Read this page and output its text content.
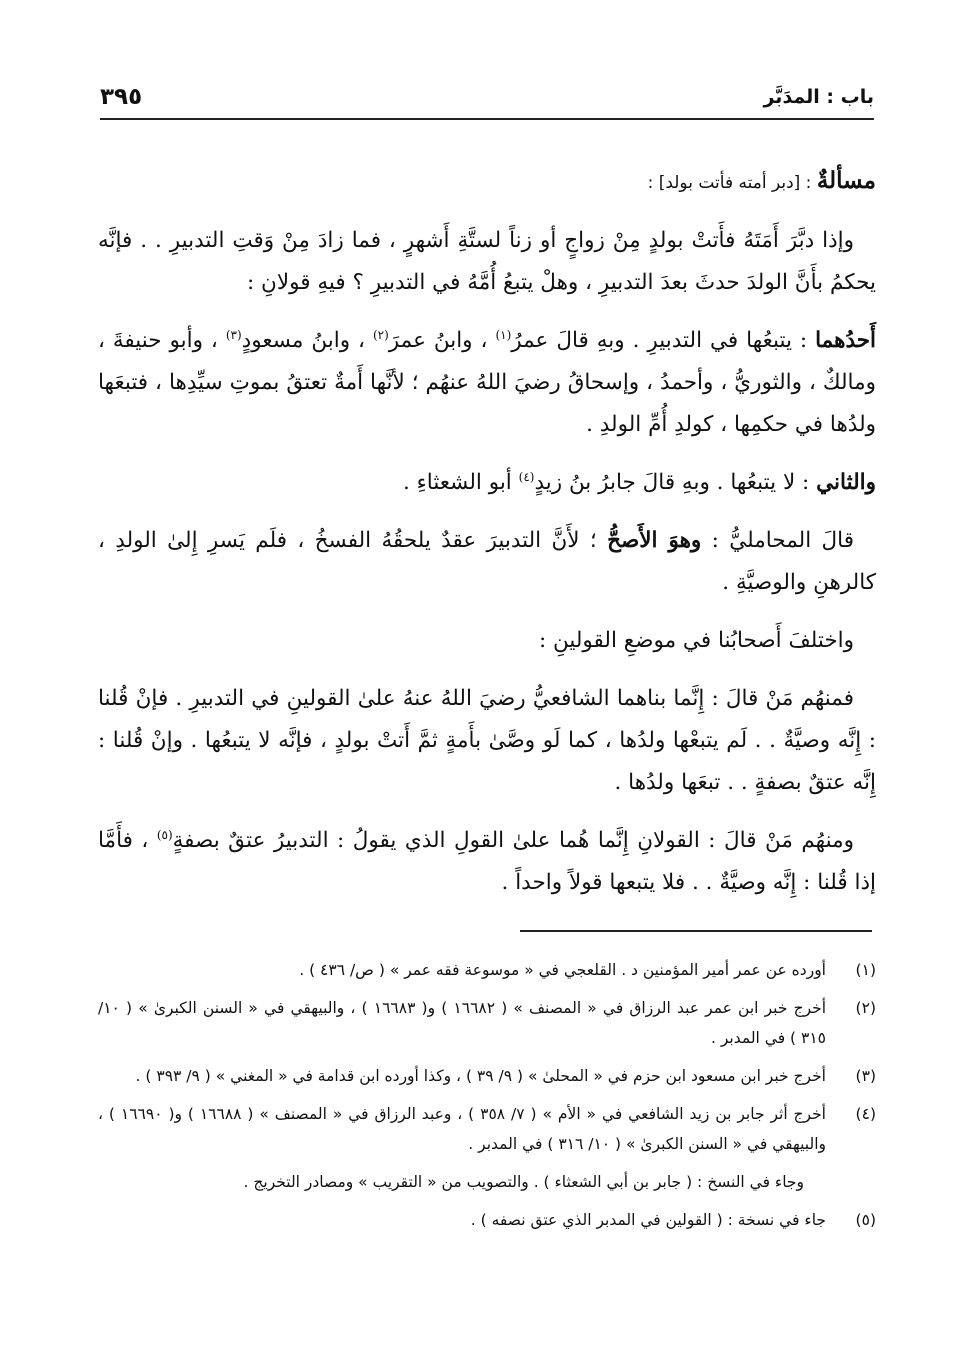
باب : المدَبَّر
٣٩٥

مسألةٌ : [دبر أمته فأتت بولد] :

وإذا دبَّرَ أَمَتَهُ فأَتتْ بولدٍ مِنْ زواجٍ أو زناً لستَّةِ أَشهرٍ ، فما زادَ مِنْ وَقتِ التدبيرِ . . فإنَّه يحكمُ بأَنَّ الولدَ حدثَ بعدَ التدبيرِ ، وهلْ يتبعُ أُمَّهُ في التدبيرِ ؟ فيهِ قولانِ :

أَحدُهما : يتبعُها في التدبيرِ . وبهِ قالَ عمرُ$^{(١)}$ ، وابنُ عمرَ$^{(٢)}$ ، وابنُ مسعودٍ$^{(٣)}$ ، وأبو حنيفةَ ، ومالكٌ ، والثوريُّ ، وأحمدُ ، وإسحاقُ رضيَ اللهُ عنهُم ؛ لأنَّها أَمةٌ تعتقُ بموتِ سيِّدِها ، فتبعَها ولدُها في حكمِها ، كولدِ أُمِّ الولدِ .

والثاني : لا يتبعُها . وبهِ قالَ جابرُ بنُ زيدٍ$^{(٤)}$ أبو الشعثاءِ .

قالَ المحامليُّ : وهوَ الأَصحُّ ؛ لأَنَّ التدبيرَ عقدٌ يلحقُهُ الفسخُ ، فلَم يَسرِ إِلىٰ الولدِ ، كالرهنِ والوصيَّةِ .

واختلفَ أَصحابُنا في موضعِ القولينِ :

فمنهُم مَنْ قالَ : إِنَّما بناهما الشافعيُّ رضيَ اللهُ عنهُ علىٰ القولينِ في التدبيرِ . فإنْ قُلنا : إِنَّه وصيَّةٌ . . لَم يتبعْها ولدُها ، كما لَو وصَّىٰ بأَمةٍ ثمَّ أَتتْ بولدٍ ، فإنَّه لا يتبعُها . وإنْ قُلنا : إِنَّه عتقٌ بصفةٍ . . تبعَها ولدُها .

ومنهُم مَنْ قالَ : القولانِ إِنَّما هُما علىٰ القولِ الذي يقولُ : التدبيرُ عتقٌ بصفةٍ$^{(٥)}$ ، فأَمَّا إذا قُلنا : إِنَّه وصيَّةٌ . . فلا يتبعها قولاً واحداً .

(١)
أورده عن عمر أمير المؤمنين د . القلعجي في « موسوعة فقه عمر » ( ص/ ٤٣٦ ) .
(٢)
أخرج خبر ابن عمر عبد الرزاق في « المصنف » ( ١٦٦٨٢ ) و( ١٦٦٨٣ ) ، والبيهقي في « السنن الكبرىٰ » ( ١٠/ ٣١٥ ) في المدبر .
(٣)
أخرج خبر ابن مسعود ابن حزم في « المحلىٰ » ( ٩/ ٣٩ ) ، وكذا أورده ابن قدامة في « المغني » ( ٩/ ٣٩٣ ) .
(٤)
أخرج أثر جابر بن زيد الشافعي في « الأم » ( ٧/ ٣٥٨ ) ، وعبد الرزاق في « المصنف » ( ١٦٦٨٨ ) و( ١٦٦٩٠ ) ، والبيهقي في « السنن الكبرىٰ » ( ١٠/ ٣١٦ ) في المدبر .
وجاء في النسخ : ( جابر بن أبي الشعثاء ) . والتصويب من « التقريب » ومصادر التخريج .
(٥)
جاء في نسخة : ( القولين في المدبر الذي عتق نصفه ) .
